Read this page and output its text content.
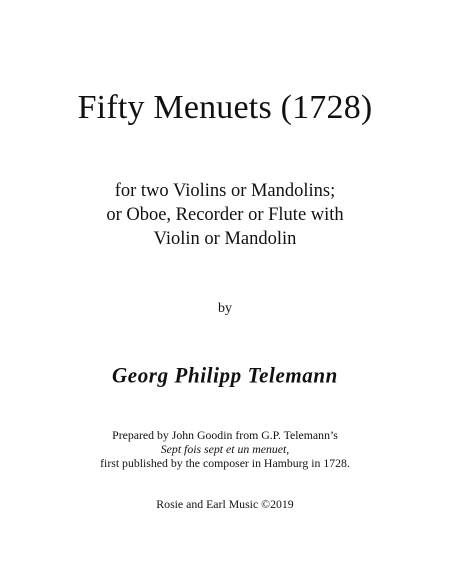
Fifty Menuets (1728)
for two Violins or Mandolins;
or Oboe, Recorder or Flute with
Violin or Mandolin
by
Georg Philipp Telemann
Prepared by John Goodin from G.P. Telemann’s
Sept fois sept et un menuet,
first published by the composer in Hamburg in 1728.
Rosie and Earl Music ©2019
